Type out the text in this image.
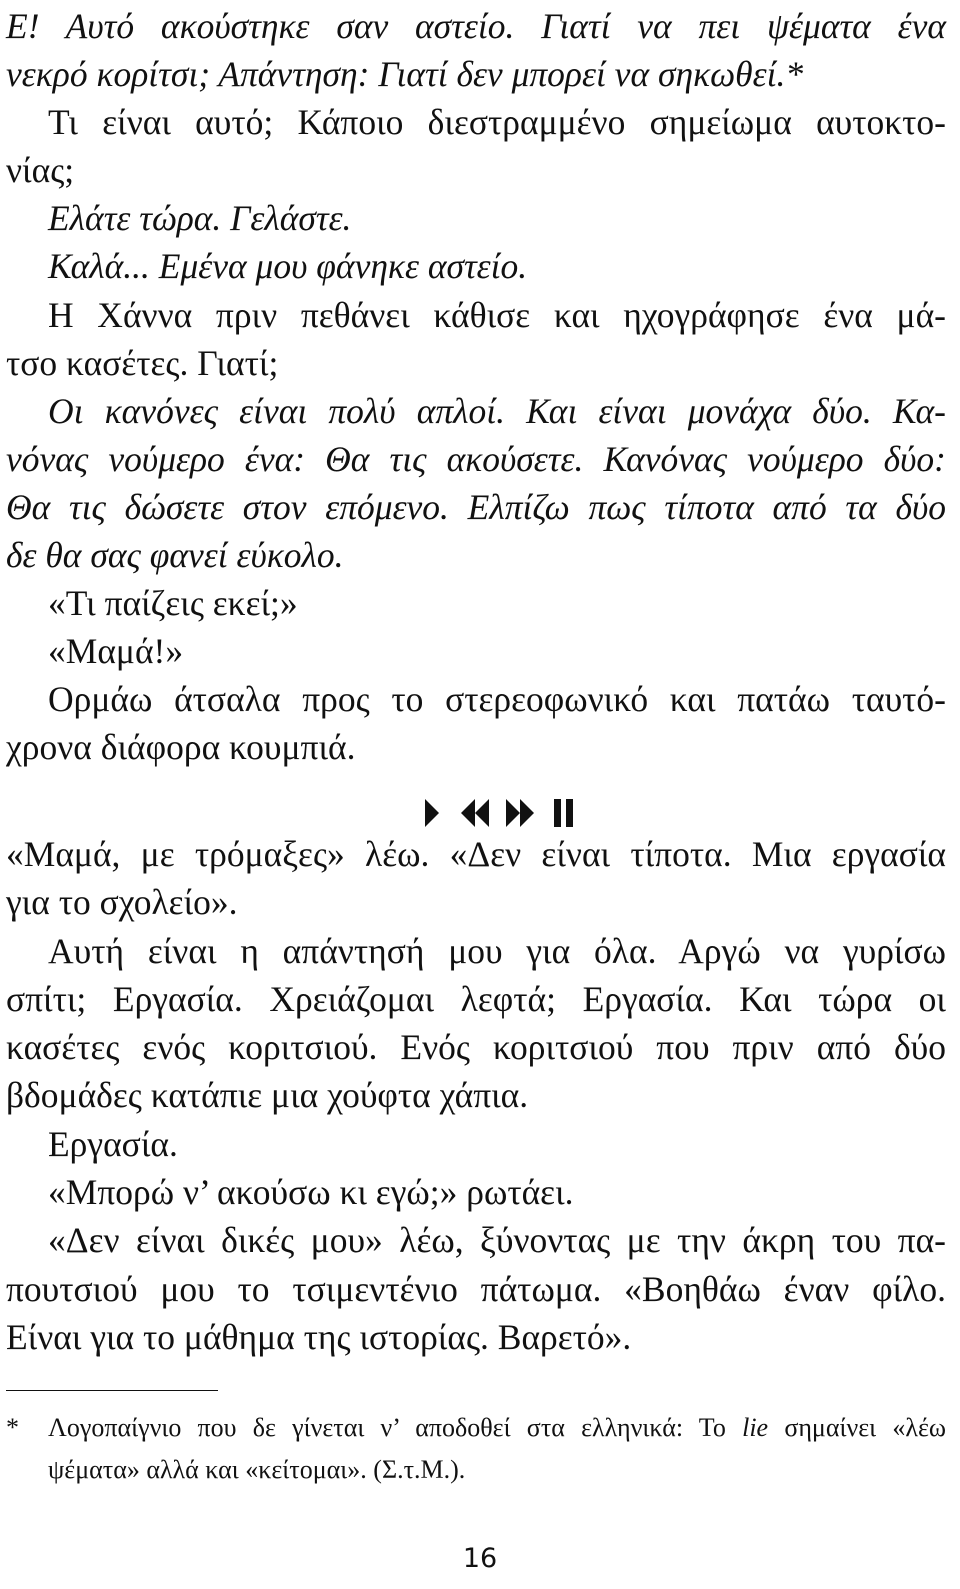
Ε! Αυτό ακούστηκε σαν αστείο. Γιατί να πει ψέματα ένα
νεκρό κορίτσι; Απάντηση: Γιατί δεν μπορεί να σηκωθεί.*
Τι είναι αυτό; Κάποιο διεστραμμένο σημείωμα αυτοκτο-
νίας;
Ελάτε τώρα. Γελάστε.
Καλά... Εμένα μου φάνηκε αστείο.
Η Χάννα πριν πεθάνει κάθισε και ηχογράφησε ένα μά-
τσο κασέτες. Γιατί;
Οι κανόνες είναι πολύ απλοί. Και είναι μονάχα δύο. Κα-
νόνας νούμερο ένα: Θα τις ακούσετε. Κανόνας νούμερο δύο:
Θα τις δώσετε στον επόμενο. Ελπίζω πως τίποτα από τα δύο
δε θα σας φανεί εύκολο.
«Τι παίζεις εκεί;»
«Μαμά!»
Ορμάω άτσαλα προς το στερεοφωνικό και πατάω ταυτό-
χρονα διάφορα κουμπιά.
«Μαμά, με τρόμαξες» λέω. «Δεν είναι τίποτα. Μια εργασία
για το σχολείο».
Αυτή είναι η απάντησή μου για όλα. Αργώ να γυρίσω
σπίτι; Εργασία. Χρειάζομαι λεφτά; Εργασία. Και τώρα οι
κασέτες ενός κοριτσιού. Ενός κοριτσιού που πριν από δύο
βδομάδες κατάπιε μια χούφτα χάπια.
Εργασία.
«Μπορώ ν’ ακούσω κι εγώ;» ρωτάει.
«Δεν είναι δικές μου» λέω, ξύνοντας με την άκρη του πα-
πουτσιού μου το τσιμεντένιο πάτωμα. «Βοηθάω έναν φίλο.
Είναι για το μάθημα της ιστορίας. Βαρετό».
* Λογοπαίγνιο που δε γίνεται ν’ αποδοθεί στα ελληνικά: Το lie σημαίνει «λέω
ψέματα» αλλά και «κείτομαι». (Σ.τ.Μ.).
16
